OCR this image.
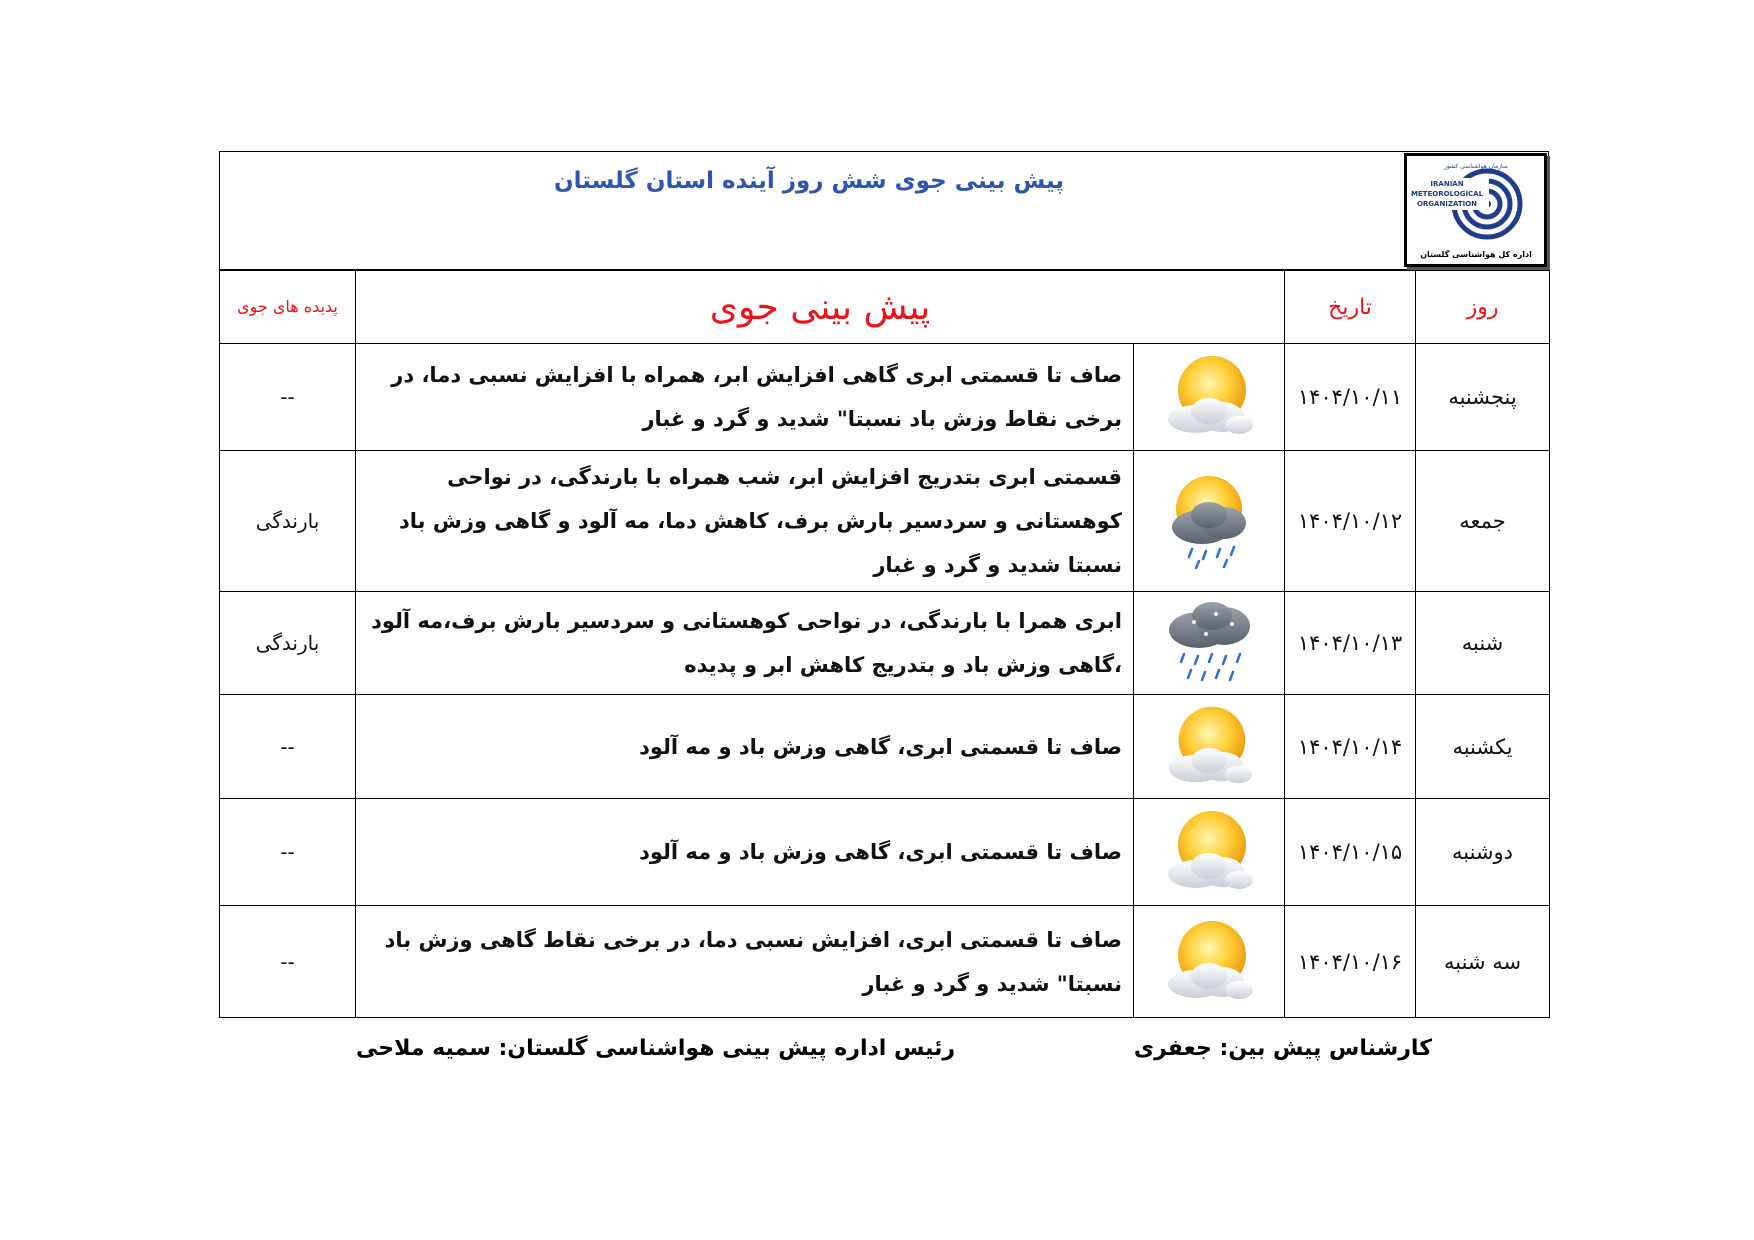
پیش بینی جوی شش روز آینده استان گلستان
سازمان هواشناسی کشور
IRANIAN
METEOROLOGICAL
ORGANIZATION
اداره کل هواشناسی گلستان
روز	تاریخ	پیش بینی جوی		پدیده های جوی
پنجشنبه	۱۴۰۴/۱۰/۱۱		صاف تا قسمتی ابری گاهی افزایش ابر، همراه با افزایش نسبی دما، در برخی نقاط وزش باد نسبتا" شدید و گرد و غبار	--
جمعه	۱۴۰۴/۱۰/۱۲		قسمتی ابری بتدریج افزایش ابر، شب همراه با بارندگی، در نواحی کوهستانی و سردسیر بارش برف، کاهش دما، مه آلود و گاهی وزش باد نسبتا شدید و گرد و غبار	بارندگی
شنبه	۱۴۰۴/۱۰/۱۳		ابری همرا با بارندگی، در نواحی کوهستانی و سردسیر بارش برف،مه آلود ،گاهی وزش باد و بتدریج کاهش ابر و پدیده	بارندگی
یکشنبه	۱۴۰۴/۱۰/۱۴		صاف تا قسمتی ابری، گاهی وزش باد و مه آلود	--
دوشنبه	۱۴۰۴/۱۰/۱۵		صاف تا قسمتی ابری، گاهی وزش باد و مه آلود	--
سه شنبه	۱۴۰۴/۱۰/۱۶		صاف تا قسمتی ابری، افزایش نسبی دما، در برخی نقاط گاهی وزش باد نسبتا" شدید و گرد و غبار	--
کارشناس پیش بین: جعفری
رئیس اداره پیش بینی هواشناسی گلستان: سمیه ملاحی
